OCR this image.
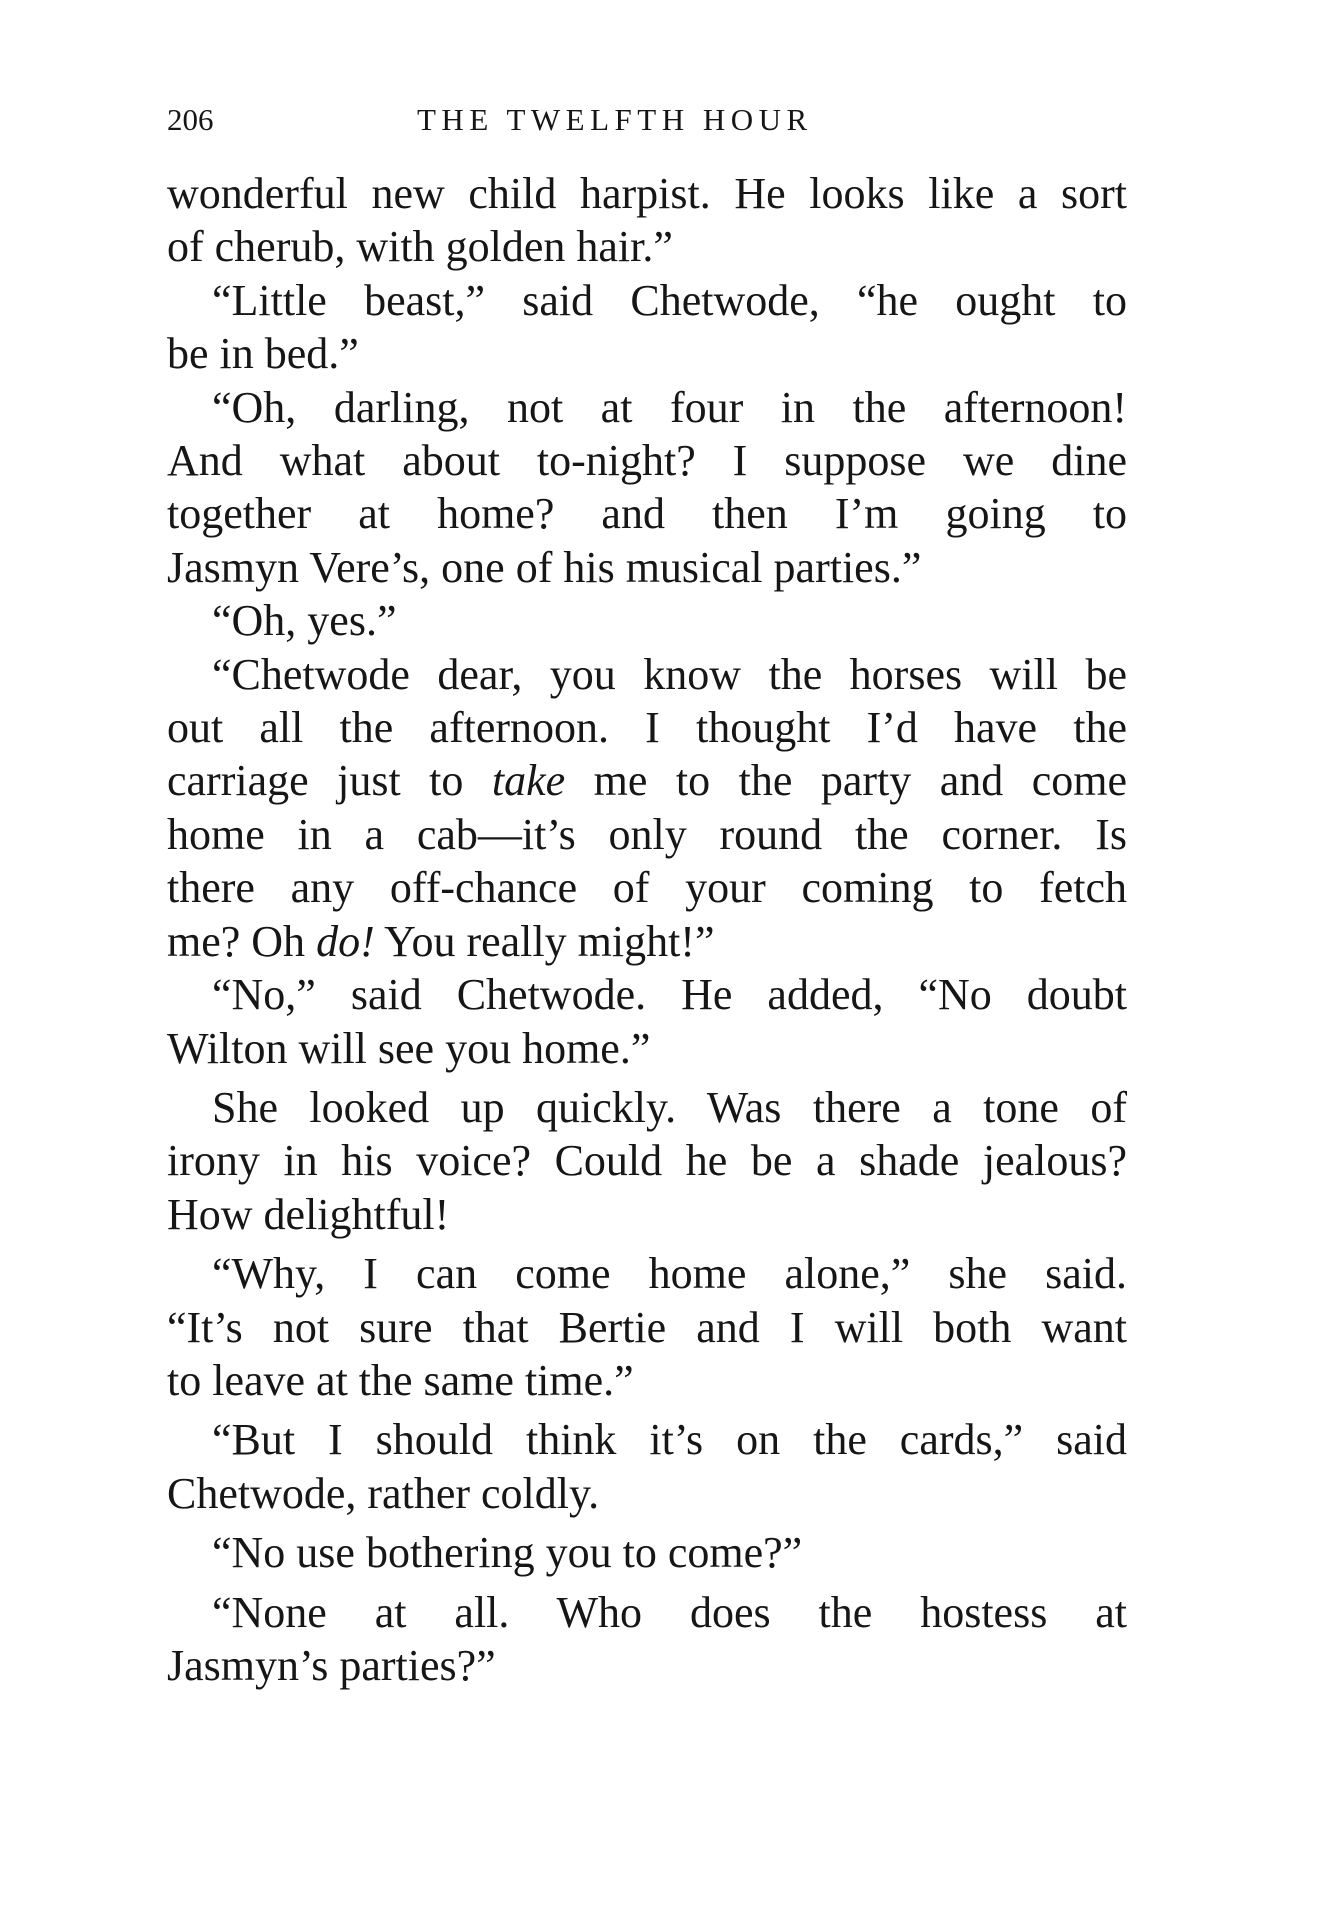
206	THE TWELFTH HOUR
wonderful new child harpist. He looks like a sort
of cherub, with golden hair.”
“Little beast,” said Chetwode, “he ought to
be in bed.”
“Oh, darling, not at four in the afternoon!
And what about to-night? I suppose we dine
together at home? and then I’m going to
Jasmyn Vere’s, one of his musical parties.”
“Oh, yes.”
“Chetwode dear, you know the horses will be
out all the afternoon. I thought I’d have the
carriage just to take me to the party and come
home in a cab—it’s only round the corner. Is
there any off-chance of your coming to fetch
me? Oh do! You really might!”
“No,” said Chetwode. He added, “No doubt
Wilton will see you home.”
She looked up quickly. Was there a tone of
irony in his voice? Could he be a shade jealous?
How delightful!
“Why, I can come home alone,” she said.
“It’s not sure that Bertie and I will both want
to leave at the same time.”
“But I should think it’s on the cards,” said
Chetwode, rather coldly.
“No use bothering you to come?”
“None at all. Who does the hostess at
Jasmyn’s parties?”
